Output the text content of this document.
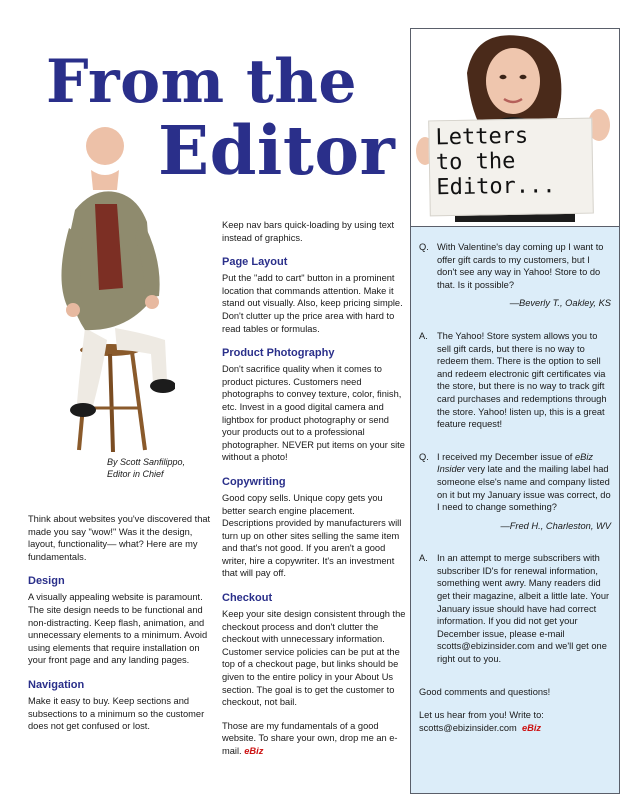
From the
Editor
By Scott Sanfilippo,
Editor in Chief

Think about websites you've discovered that made you say "wow!" Was it the design, layout, functionality— what? Here are my fundamentals.

Design

A visually appealing website is paramount. The site design needs to be functional and non-distracting. Keep flash, animation, and unnecessary elements to a minimum. Avoid using elements that require installation on your front page and any landing pages.

Navigation

Make it easy to buy. Keep sections and subsections to a minimum so the customer does not get confused or lost.

Keep nav bars quick-loading by using text instead of graphics.

Page Layout

Put the "add to cart" button in a prominent location that commands attention. Make it stand out visually. Also, keep pricing simple. Don't clutter up the price area with hard to read tables or formulas.

Product Photography

Don't sacrifice quality when it comes to product pictures. Customers need photographs to convey texture, color, finish, etc. Invest in a good digital camera and lightbox for product photography or send your products out to a professional photographer. NEVER put items on your site without a photo!

Copywriting

Good copy sells. Unique copy gets you better search engine placement. Descriptions provided by manufacturers will turn up on other sites selling the same item and that's not good. If you aren't a good writer, hire a copywriter. It's an investment that will pay off.

Checkout

Keep your site design consistent through the checkout process and don't clutter the checkout with unnecessary information. Customer service policies can be put at the top of a checkout page, but links should be given to the entire policy in your About Us section. The goal is to get the customer to checkout, not bail.

Those are my fundamentals of a good website. To share your own, drop me an e-mail. eBiz

Letters
to the
Editor...
Q. With Valentine's day coming up I want to offer gift cards to my customers, but I don't see any way in Yahoo! Store to do that. Is it possible?
—Beverly T., Oakley, KS
A. The Yahoo! Store system allows you to sell gift cards, but there is no way to redeem them. There is the option to sell and redeem electronic gift certificates via the store, but there is no way to track gift card purchases and redemptions through the store. Yahoo! listen up, this is a great feature request!
Q. I received my December issue of eBiz Insider very late and the mailing label had someone else's name and company listed on it but my January issue was correct, do I need to change something?
—Fred H., Charleston, WV
A. In an attempt to merge subscribers with subscriber ID's for renewal information, something went awry. Many readers did get their magazine, albeit a little late. Your January issue should have had correct information. If you did not get your December issue, please e-mail scotts@ebizinsider.com and we'll get one right out to you.

Good comments and questions!

Let us hear from you! Write to:
scotts@ebizinsider.com eBiz
